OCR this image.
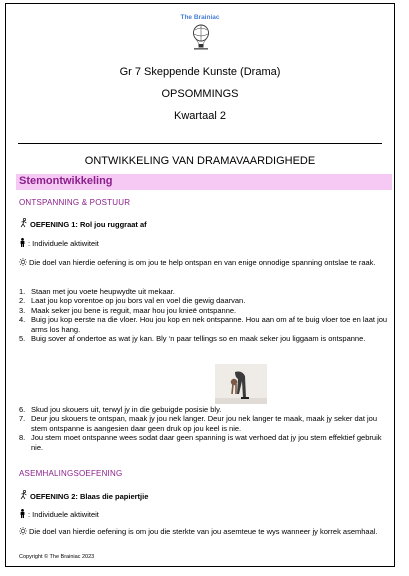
The Brainiac
Gr 7 Skeppende Kunste (Drama)
OPSOMMINGS
Kwartaal 2
ONTWIKKELING VAN DRAMAVAARDIGHEDE
Stemontwikkeling
ONTSPANNING & POSTUUR
OEFENING 1: Rol jou ruggraat af
: Individuele aktiwiteit
Die doel van hierdie oefening is om jou te help ontspan en van enige onnodige spanning ontslae te raak.
1. Staan met jou voete heupwydte uit mekaar.
2. Laat jou kop vorentoe op jou bors val en voel die gewig daarvan.
3. Maak seker jou bene is reguit, maar hou jou knieë ontspanne.
4. Buig jou kop eerste na die vloer. Hou jou kop en nek ontspanne. Hou aan om af te buig vloer toe en laat jou arms los hang.
5. Buig sover af ondertoe as wat jy kan. Bly ‘n paar tellings so en maak seker jou liggaam is ontspanne.
6. Skud jou skouers uit, terwyl jy in die gebuigde posisie bly.
7. Deur jou skouers te ontspan, maak jy jou nek langer. Deur jou nek langer te maak, maak jy seker dat jou stem ontspanne is aangesien daar geen druk op jou keel is nie.
8. Jou stem moet ontspanne wees sodat daar geen spanning is wat verhoed dat jy jou stem effektief gebruik nie.
ASEMHALINGSOEFENING
OEFENING 2: Blaas die papiertjie
: Individuele aktiwiteit
Die doel van hierdie oefening is om jou die sterkte van jou asemteue te wys wanneer jy korrek asemhaal.
Copyright © The Brainiac 2023
